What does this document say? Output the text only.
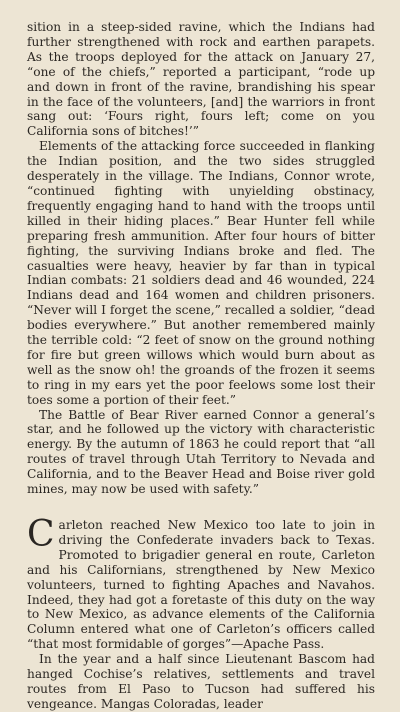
sition in a steep-sided ravine, which the Indians had further strengthened with rock and earthen parapets. As the troops deployed for the attack on January 27, “one of the chiefs,” reported a participant, “rode up and down in front of the ravine, brandishing his spear in the face of the volunteers, [and] the warriors in front sang out: ‘Fours right, fours left; come on you California sons of bitches!’”

Elements of the attacking force succeeded in flanking the Indian position, and the two sides struggled desperately in the village. The Indians, Connor wrote, “continued fighting with unyielding obstinacy, frequently engaging hand to hand with the troops until killed in their hiding places.” Bear Hunter fell while preparing fresh ammunition. After four hours of bitter fighting, the surviving Indians broke and fled. The casualties were heavy, heavier by far than in typical Indian combats: 21 soldiers dead and 46 wounded, 224 Indians dead and 164 women and children prisoners. “Never will I forget the scene,” recalled a soldier, “dead bodies everywhere.” But another remembered mainly the terrible cold: “2 feet of snow on the ground nothing for fire but green willows which would burn about as well as the snow oh! the groands of the frozen it seems to ring in my ears yet the poor feelows some lost their toes some a portion of their feet.”

The Battle of Bear River earned Connor a general’s star, and he followed up the victory with characteristic energy. By the autumn of 1863 he could report that “all routes of travel through Utah Territory to Nevada and California, and to the Beaver Head and Boise river gold mines, may now be used with safety.”

Carleton reached New Mexico too late to join in driving the Confederate invaders back to Texas. Promoted to brigadier general en route, Carleton and his Californians, strengthened by New Mexico volunteers, turned to fighting Apaches and Navahos. Indeed, they had got a foretaste of this duty on the way to New Mexico, as advance elements of the California Column entered what one of Carleton’s officers called “that most formidable of gorges”—Apache Pass.

In the year and a half since Lieutenant Bascom had hanged Cochise’s relatives, settlements and travel routes from El Paso to Tucson had suffered his vengeance. Mangas Coloradas, leader
